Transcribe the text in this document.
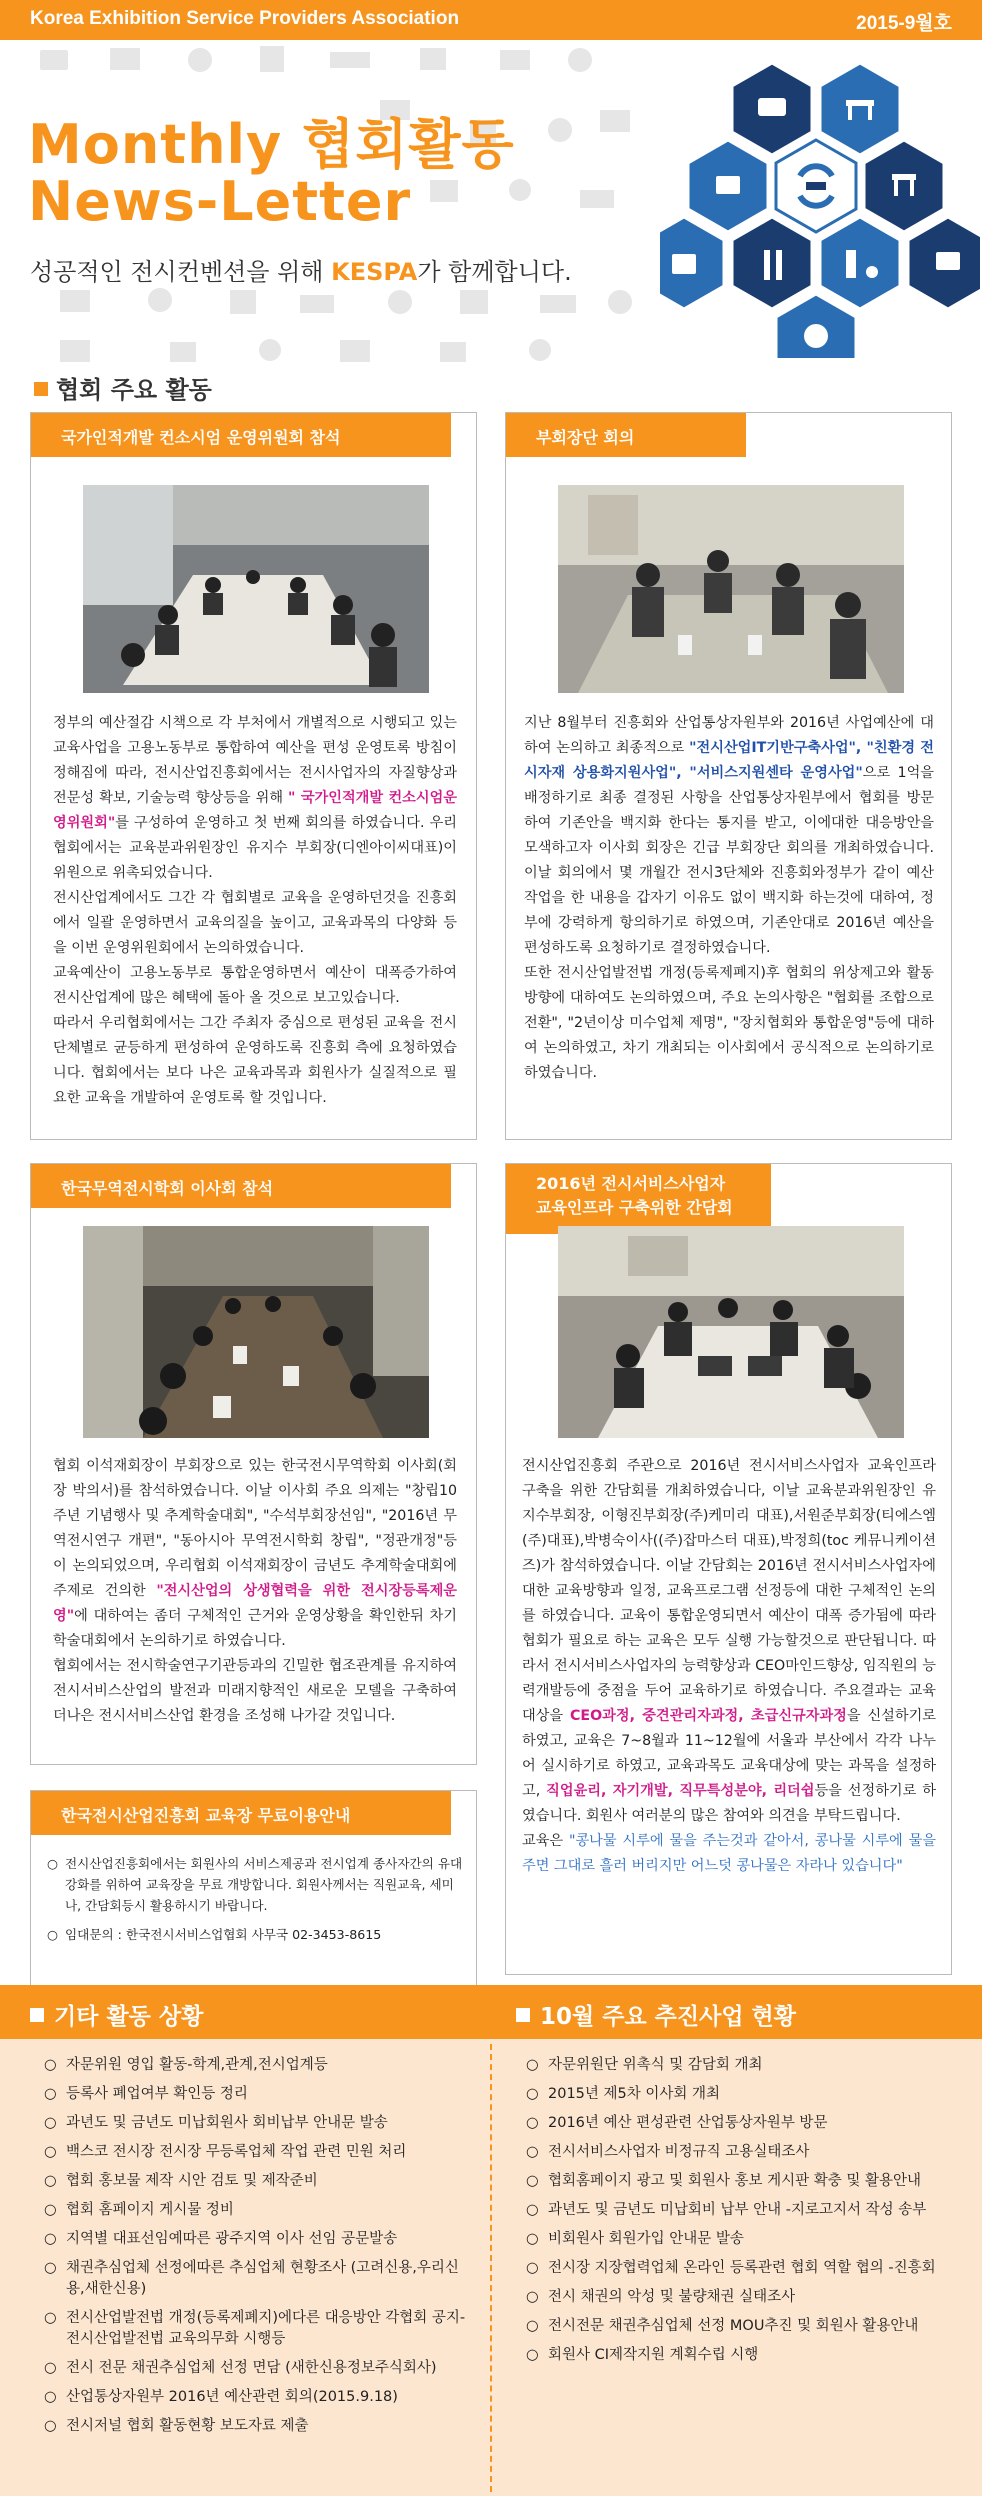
Korea Exhibition Service Providers Association	2015-9월호
Monthly 협회활동
News-Letter
성공적인 전시컨벤션을 위해 KESPA가 함께합니다.
협회 주요 활동
국가인적개발 컨소시엄 운영위원회 참석

정부의 예산절감 시책으로 각 부처에서 개별적으로 시행되고 있는 교육사업을 고용노동부로 통합하여 예산을 편성 운영토록 방침이 정해짐에 따라, 전시산업진흥회에서는 전시사업자의 자질향상과 전문성 확보, 기술능력 향상등을 위해 " 국가인적개발 컨소시엄운영위원회"를 구성하여 운영하고 첫 번째 회의를 하였습니다. 우리협회에서는 교육분과위원장인 유지수 부회장(디엔아이씨대표)이 위원으로 위촉되었습니다.

전시산업계에서도 그간 각 협회별로 교육을 운영하던것을 진흥회에서 일괄 운영하면서 교육의질을 높이고, 교육과목의 다양화 등을 이번 운영위원회에서 논의하였습니다.

교육예산이 고용노동부로 통합운영하면서 예산이 대폭증가하여 전시산업계에 많은 혜택에 돌아 올 것으로 보고있습니다.

따라서 우리협회에서는 그간 주최자 중심으로 편성된 교육을 전시단체별로 균등하게 편성하여 운영하도록 진흥회 측에 요청하였습니다. 협회에서는 보다 나은 교육과목과 회원사가 실질적으로 필요한 교육을 개발하여 운영토록 할 것입니다.

부회장단 회의

지난 8월부터 진흥회와 산업통상자원부와 2016년 사업예산에 대하여 논의하고 최종적으로 "전시산업IT기반구축사업", "친환경 전시자재 상용화지원사업", "서비스지원센타 운영사업"으로 1억을 배정하기로 최종 결정된 사항을 산업통상자원부에서 협회를 방문하여 기존안을 백지화 한다는 통지를 받고, 이에대한 대응방안을 모색하고자 이사회 회장은 긴급 부회장단 회의를 개최하였습니다. 이날 회의에서 몇 개월간 전시3단체와 진흥회와정부가 같이 예산작업을 한 내용을 갑자기 이유도 없이 백지화 하는것에 대하여, 정부에 강력하게 항의하기로 하였으며, 기존안대로 2016년 예산을 편성하도록 요청하기로 결정하였습니다.

또한 전시산업발전법 개정(등록제폐지)후 협회의 위상제고와 활동방향에 대하여도 논의하였으며, 주요 논의사항은 "협회를 조합으로 전환", "2년이상 미수업체 제명", "장치협회와 통합운영"등에 대하여 논의하였고, 차기 개최되는 이사회에서 공식적으로 논의하기로 하였습니다.

한국무역전시학회 이사회 참석

협회 이석재회장이 부회장으로 있는 한국전시무역학회 이사회(회장 박의서)를 참석하였습니다. 이날 이사회 주요 의제는 "창립10주년 기념행사 및 추계학술대회", "수석부회장선임", "2016년 무역전시연구 개편", "동아시아 무역전시학회 창립", "정관개정"등이 논의되었으며, 우리협회 이석재회장이 금년도 추계학술대회에 주제로 건의한 "전시산업의 상생협력을 위한 전시장등록제운영"에 대하여는 좀더 구체적인 근거와 운영상황을 확인한뒤 차기 학술대회에서 논의하기로 하였습니다.

협회에서는 전시학술연구기관등과의 긴밀한 협조관계를 유지하여 전시서비스산업의 발전과 미래지향적인 새로운 모델을 구축하여 더나은 전시서비스산업 환경을 조성해 나가갈 것입니다.

2016년 전시서비스사업자
교육인프라 구축위한 간담회

전시산업진흥회 주관으로 2016년 전시서비스사업자 교육인프라 구축을 위한 간담회를 개최하였습니다, 이날 교육분과위원장인 유지수부회장, 이형진부회장(주)케미리 대표),서원준부회장(티에스엠(주)대표),박병숙이사((주)잡마스터 대표),박정희(toc 케뮤니케이션즈)가 참석하였습니다. 이날 간담회는 2016년 전시서비스사업자에대한 교육방향과 일정, 교육프로그램 선정등에 대한 구체적인 논의를 하였습니다. 교육이 통합운영되면서 예산이 대폭 증가됨에 따라 협회가 필요로 하는 교육은 모두 실행 가능할것으로 판단됩니다. 따라서 전시서비스사업자의 능력향상과 CEO마인드향상, 임직원의 능력개발등에 중점을 두어 교육하기로 하였습니다. 주요결과는 교육대상을 CEO과정, 중견관리자과정, 초급신규자과정을 신설하기로 하였고, 교육은 7~8월과 11~12월에 서울과 부산에서 각각 나누어 실시하기로 하였고, 교육과목도 교육대상에 맞는 과목을 설정하고, 직업윤리, 자기개발, 직무특성분야, 리더쉽등을 선정하기로 하였습니다. 회원사 여러분의 많은 참여와 의견을 부탁드립니다.

교육은 "콩나물 시루에 물을 주는것과 같아서, 콩나물 시루에 물을 주면 그대로 흘러 버리지만 어느덧 콩나물은 자라나 있습니다"

한국전시산업진흥회 교육장 무료이용안내
○ 전시산업진흥회에서는 회원사의 서비스제공과 전시업계 종사자간의 유대강화를 위하여 교육장을 무료 개방합니다. 회원사께서는 직원교육, 세미나, 간담회등시 활용하시기 바랍니다.
○ 임대문의 : 한국전시서비스업협회 사무국 02-3453-8615
기타 활동 상황	10월 주요 추진사업 현황
○ 자문위원 영입 활동-학계,관계,전시업계등
○ 등록사 폐업여부 확인등 정리
○ 과년도 및 금년도 미납회원사 회비납부 안내문 발송
○ 백스코 전시장 전시장 무등록업체 작업 관련 민원 처리
○ 협회 홍보물 제작 시안 검토 및 제작준비
○ 협회 홈페이지 게시물 정비
○ 지역별 대표선임예따른 광주지역 이사 선임 공문발송
○ 채권추심업체 선정에따른 추심업체 현황조사 (고려신용,우리신용,새한신용)
○ 전시산업발전법 개정(등록제폐지)에다른 대응방안 각협회 공지-전시산업발전법 교육의무화 시행등
○ 전시 전문 채권추심업체 선정 면담 (새한신용정보주식회사)
○ 산업통상자원부 2016년 예산관련 회의(2015.9.18)
○ 전시저널 협회 활동현황 보도자료 제출
○ 자문위원단 위촉식 및 감담회 개최
○ 2015년 제5차 이사회 개최
○ 2016년 예산 편성관련 산업통상자원부 방문
○ 전시서비스사업자 비정규직 고용실태조사
○ 협회홈페이지 광고 및 회원사 홍보 게시판 확충 및 활용안내
○ 과년도 및 금년도 미납회비 납부 안내 -지로고지서 작성 송부
○ 비회원사 회원가입 안내문 발송
○ 전시장 지장협력업체 온라인 등록관련 협회 역할 협의 -진흥회
○ 전시 채권의 악성 및 불량채권 실태조사
○ 전시전문 채권추심업체 선정 MOU추진 및 회원사 활용안내
○ 회원사 CI제작지원 계획수립 시행
